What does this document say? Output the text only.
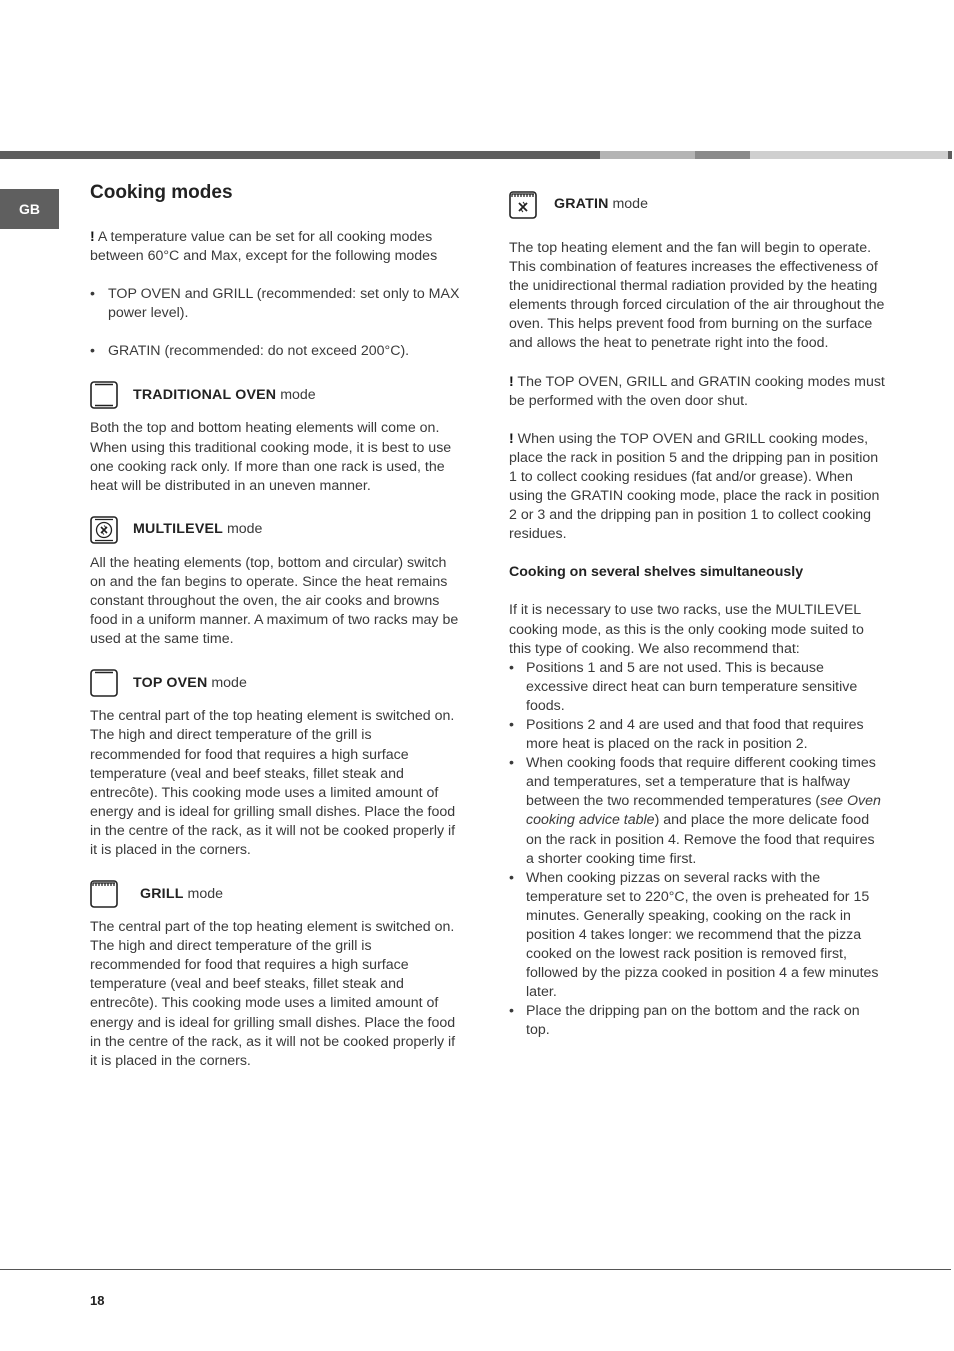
GB
Cooking modes

! A temperature value can be set for all cooking modes
between 60°C and Max, except for the following modes

• TOP OVEN and GRILL (recommended: set only to MAX power level).
• GRATIN (recommended: do not exceed 200°C).
TRADITIONAL OVEN mode

Both the top and bottom heating elements will come on. When using this traditional cooking mode, it is best to use one cooking rack only. If more than one rack is used, the heat will be distributed in an uneven manner.

MULTILEVEL mode

All the heating elements (top, bottom and circular) switch on and the fan begins to operate. Since the heat remains constant throughout the oven, the air cooks and browns food in a uniform manner. A maximum of two racks may be used at the same time.

TOP OVEN mode

The central part of the top heating element is switched on. The high and direct temperature of the grill is recommended for food that requires a high surface temperature (veal and beef steaks, fillet steak and entrecôte). This cooking mode uses a limited amount of energy and is ideal for grilling small dishes. Place the food in the centre of the rack, as it will not be cooked properly if it is placed in the corners.

GRILL mode

The central part of the top heating element is switched on. The high and direct temperature of the grill is recommended for food that requires a high surface temperature (veal and beef steaks, fillet steak and entrecôte). This cooking mode uses a limited amount of energy and is ideal for grilling small dishes. Place the food in the centre of the rack, as it will not be cooked properly if it is placed in the corners.

GRATIN mode

The top heating element and the fan will begin to operate. This combination of features increases the effectiveness of the unidirectional thermal radiation provided by the heating elements through forced circulation of the air throughout the oven. This helps prevent food from burning on the surface and allows the heat to penetrate right into the food.

! The TOP OVEN, GRILL and GRATIN cooking modes must be performed with the oven door shut.

! When using the TOP OVEN and GRILL cooking modes, place the rack in position 5 and the dripping pan in position 1 to collect cooking residues (fat and/or grease). When using the GRATIN cooking mode, place the rack in position 2 or 3 and the dripping pan in position 1 to collect cooking residues.

Cooking on several shelves simultaneously

If it is necessary to use two racks, use the MULTILEVEL cooking mode, as this is the only cooking mode suited to this type of cooking. We also recommend that:

• Positions 1 and 5 are not used. This is because excessive direct heat can burn temperature sensitive foods.
• Positions 2 and 4 are used and that food that requires more heat is placed on the rack in position 2.
• When cooking foods that require different cooking times and temperatures, set a temperature that is halfway between the two recommended temperatures (see Oven cooking advice table) and place the more delicate food on the rack in position 4. Remove the food that requires a shorter cooking time first.
• When cooking pizzas on several racks with the temperature set to 220°C, the oven is preheated for 15 minutes. Generally speaking, cooking on the rack in position 4 takes longer: we recommend that the pizza cooked on the lowest rack position is removed first, followed by the pizza cooked in position 4 a few minutes later.
• Place the dripping pan on the bottom and the rack on top.
18
